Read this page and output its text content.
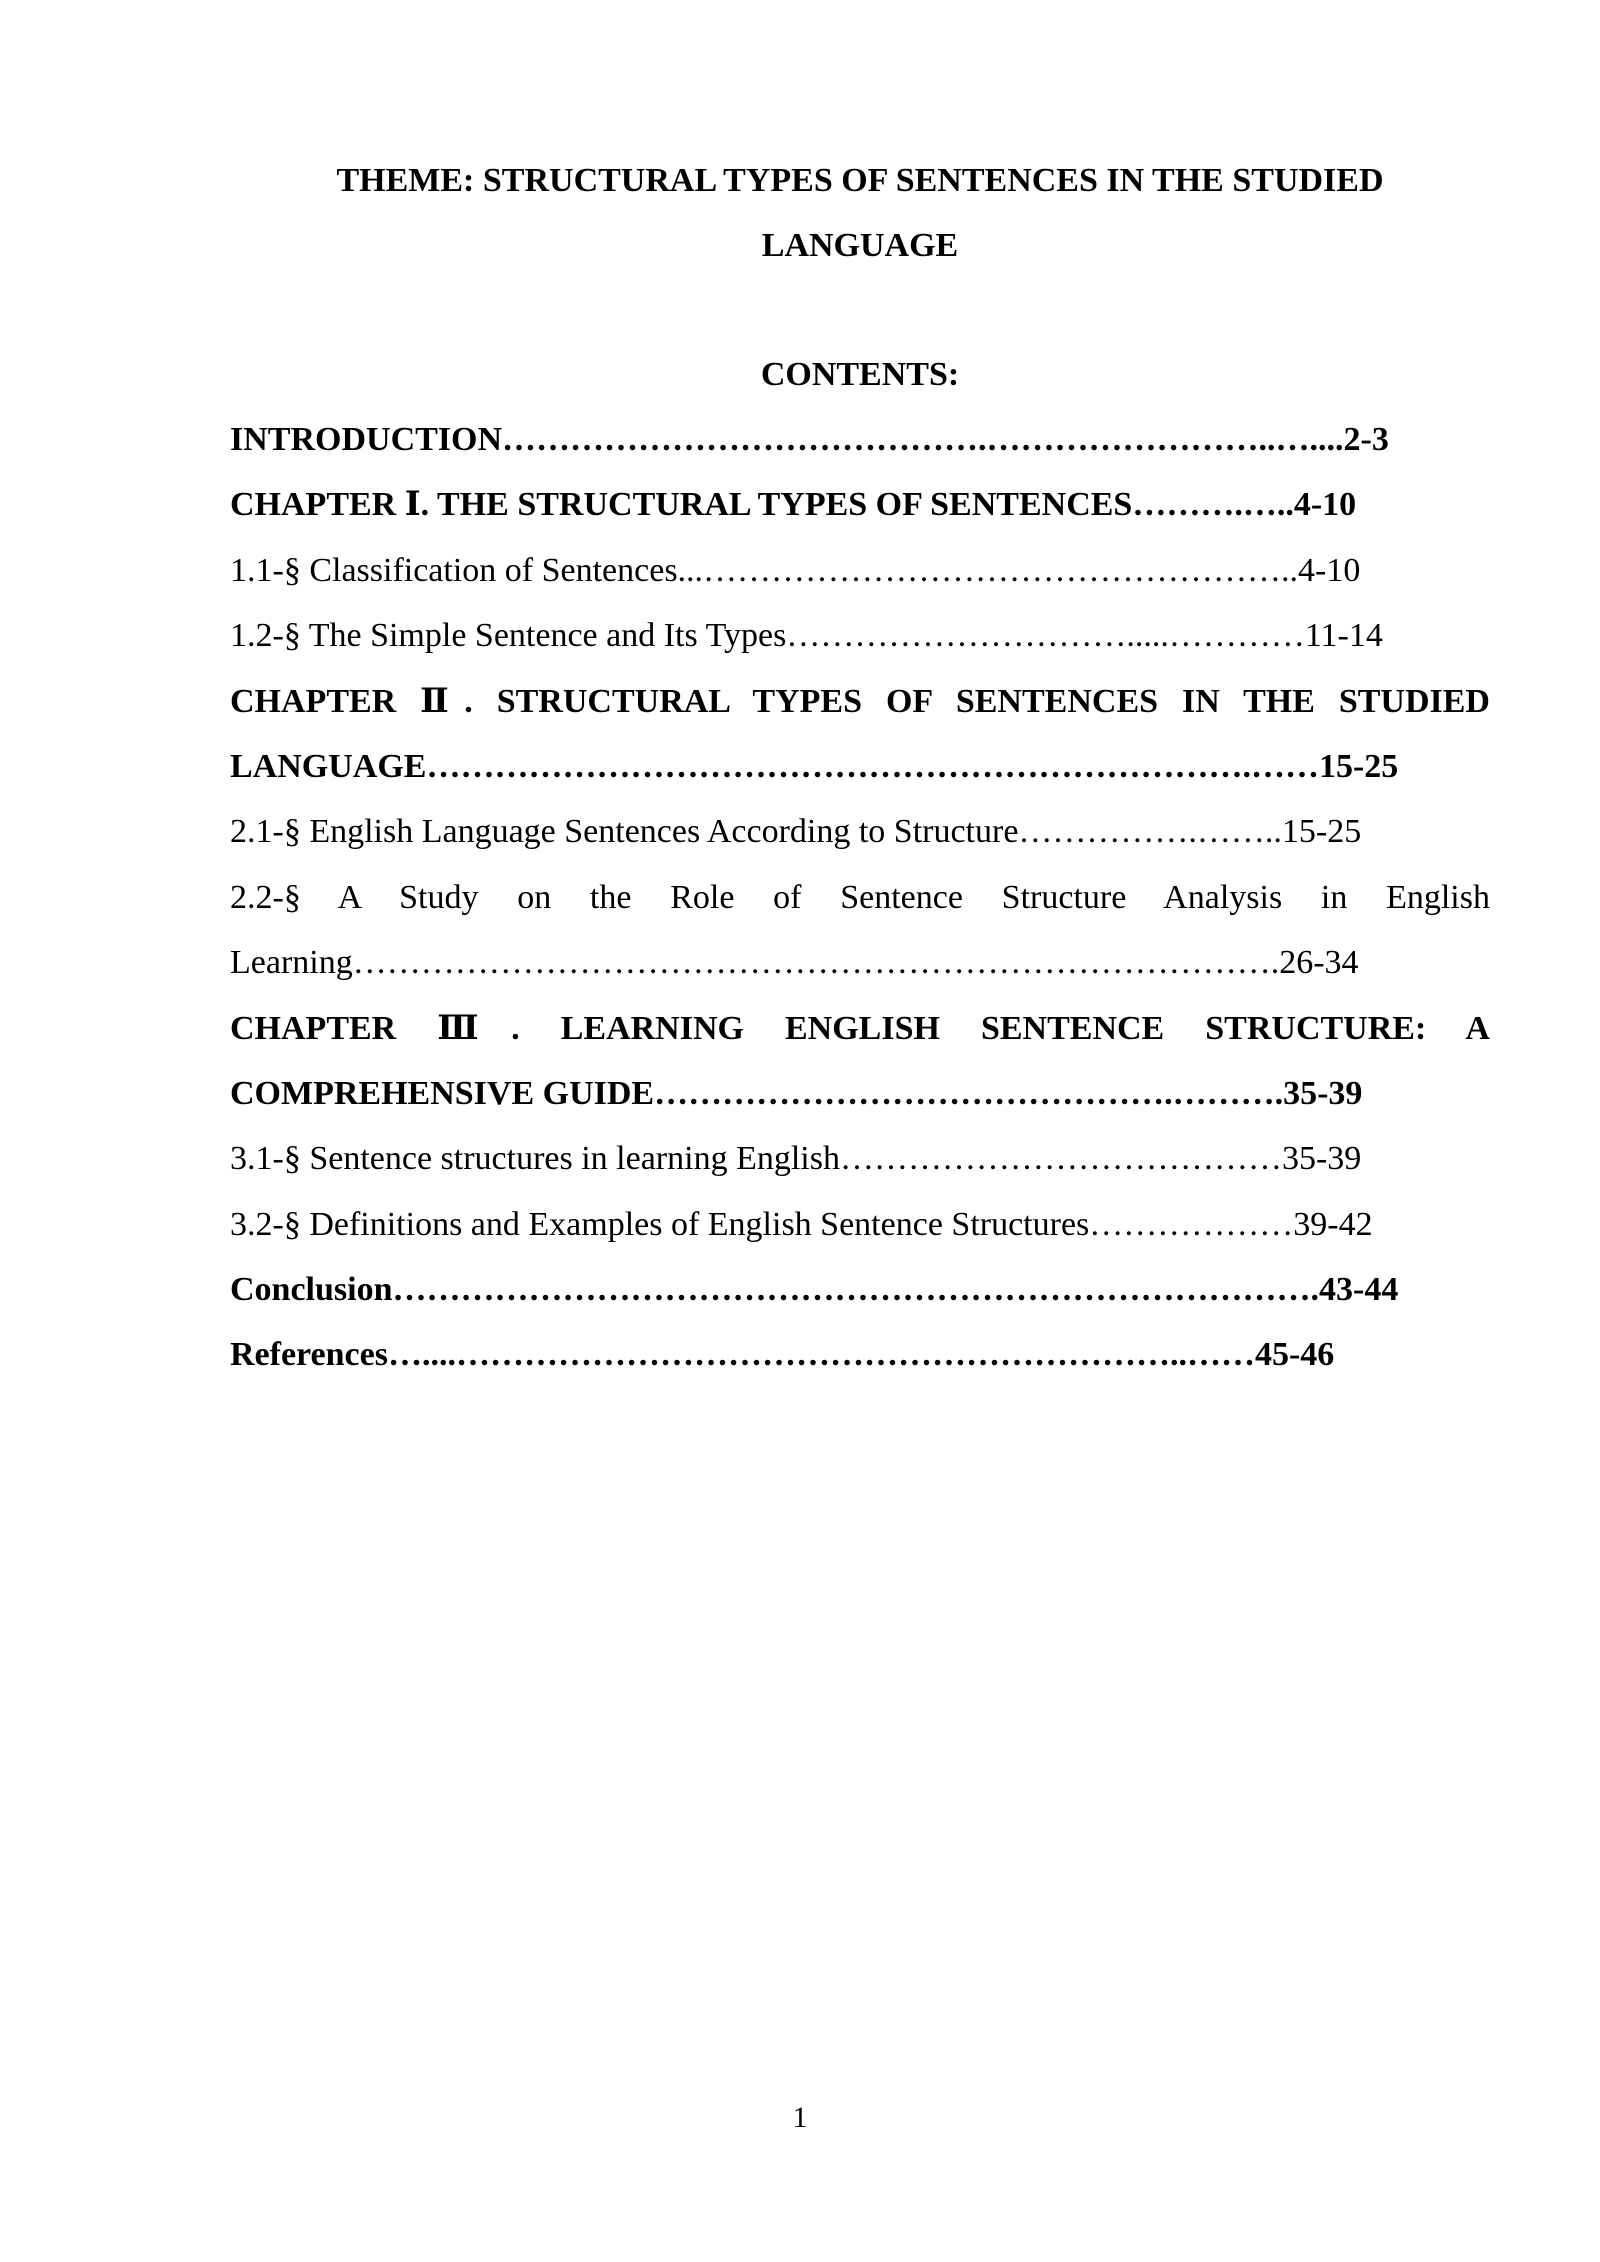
THEME: STRUCTURAL TYPES OF SENTENCES IN THE STUDIED
LANGUAGE
CONTENTS:
INTRODUCTION…………………………………….……………………..…....2-3
CHAPTER Ⅰ. THE STRUCTURAL TYPES OF SENTENCES……….…..4-10
1.1-§ Classification of Sentences...……………………………………………..4-10
1.2-§ The Simple Sentence and Its Types………………………….....…………11-14
CHAPTER Ⅱ. STRUCTURAL TYPES OF SENTENCES IN THE STUDIED
LANGUAGE……………………………………………………………….……15-25
2.1-§ English Language Sentences According to Structure…………….……..15-25
2.2-§ A Study on the Role of Sentence Structure Analysis in English
Learning……………………………………………………………………….26-34
CHAPTER Ⅲ. LEARNING ENGLISH SENTENCE STRUCTURE: A
COMPREHENSIVE GUIDE……………………………………….……….35-39
3.1-§ Sentence structures in learning English…………………………………35-39
3.2-§ Definitions and Examples of English Sentence Structures………………39-42
Conclusion……………………………………………………………………….43-44
References…....………………………………………………………..……45-46
1
